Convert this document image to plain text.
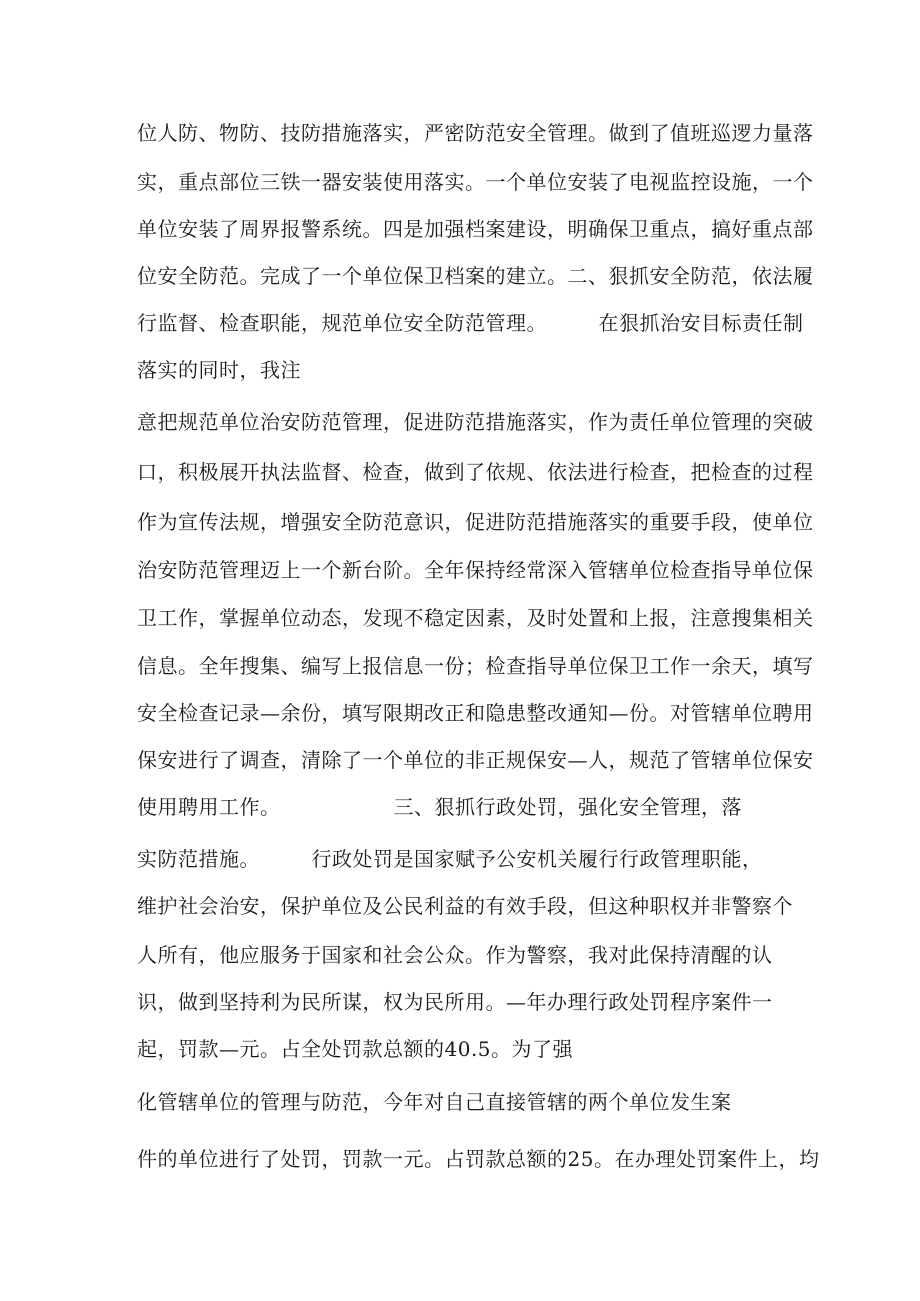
位人防、物防、技防措施落实，严密防范安全管理。做到了值班巡逻力量落
实，重点部位三铁一器安装使用落实。一个单位安装了电视监控设施，一个
单位安装了周界报警系统。四是加强档案建设，明确保卫重点，搞好重点部
位安全防范。完成了一个单位保卫档案的建立。二、狠抓安全防范，依法履
行监督、检查职能，规范单位安全防范管理。　　　在狠抓治安目标责任制
落实的同时，我注
意把规范单位治安防范管理，促进防范措施落实，作为责任单位管理的突破
口，积极展开执法监督、检查，做到了依规、依法进行检查，把检查的过程
作为宣传法规，增强安全防范意识，促进防范措施落实的重要手段，使单位
治安防范管理迈上一个新台阶。全年保持经常深入管辖单位检查指导单位保
卫工作，掌握单位动态，发现不稳定因素，及时处置和上报，注意搜集相关
信息。全年搜集、编写上报信息一份；检查指导单位保卫工作一余天，填写
安全检查记录—余份，填写限期改正和隐患整改通知—份。对管辖单位聘用
保安进行了调查，清除了一个单位的非正规保安—人，规范了管辖单位保安
使用聘用工作。　　　　　　三、狠抓行政处罚，强化安全管理，落
实防范措施。　　　行政处罚是国家赋予公安机关履行行政管理职能，
维护社会治安，保护单位及公民利益的有效手段，但这种职权并非警察个
人所有，他应服务于国家和社会公众。作为警察，我对此保持清醒的认
识，做到坚持利为民所谋，权为民所用。—年办理行政处罚程序案件一
起，罚款—元。占全处罚款总额的40.5。为了强
化管辖单位的管理与防范，今年对自己直接管辖的两个单位发生案
件的单位进行了处罚，罚款一元。占罚款总额的25。在办理处罚案件上，均
